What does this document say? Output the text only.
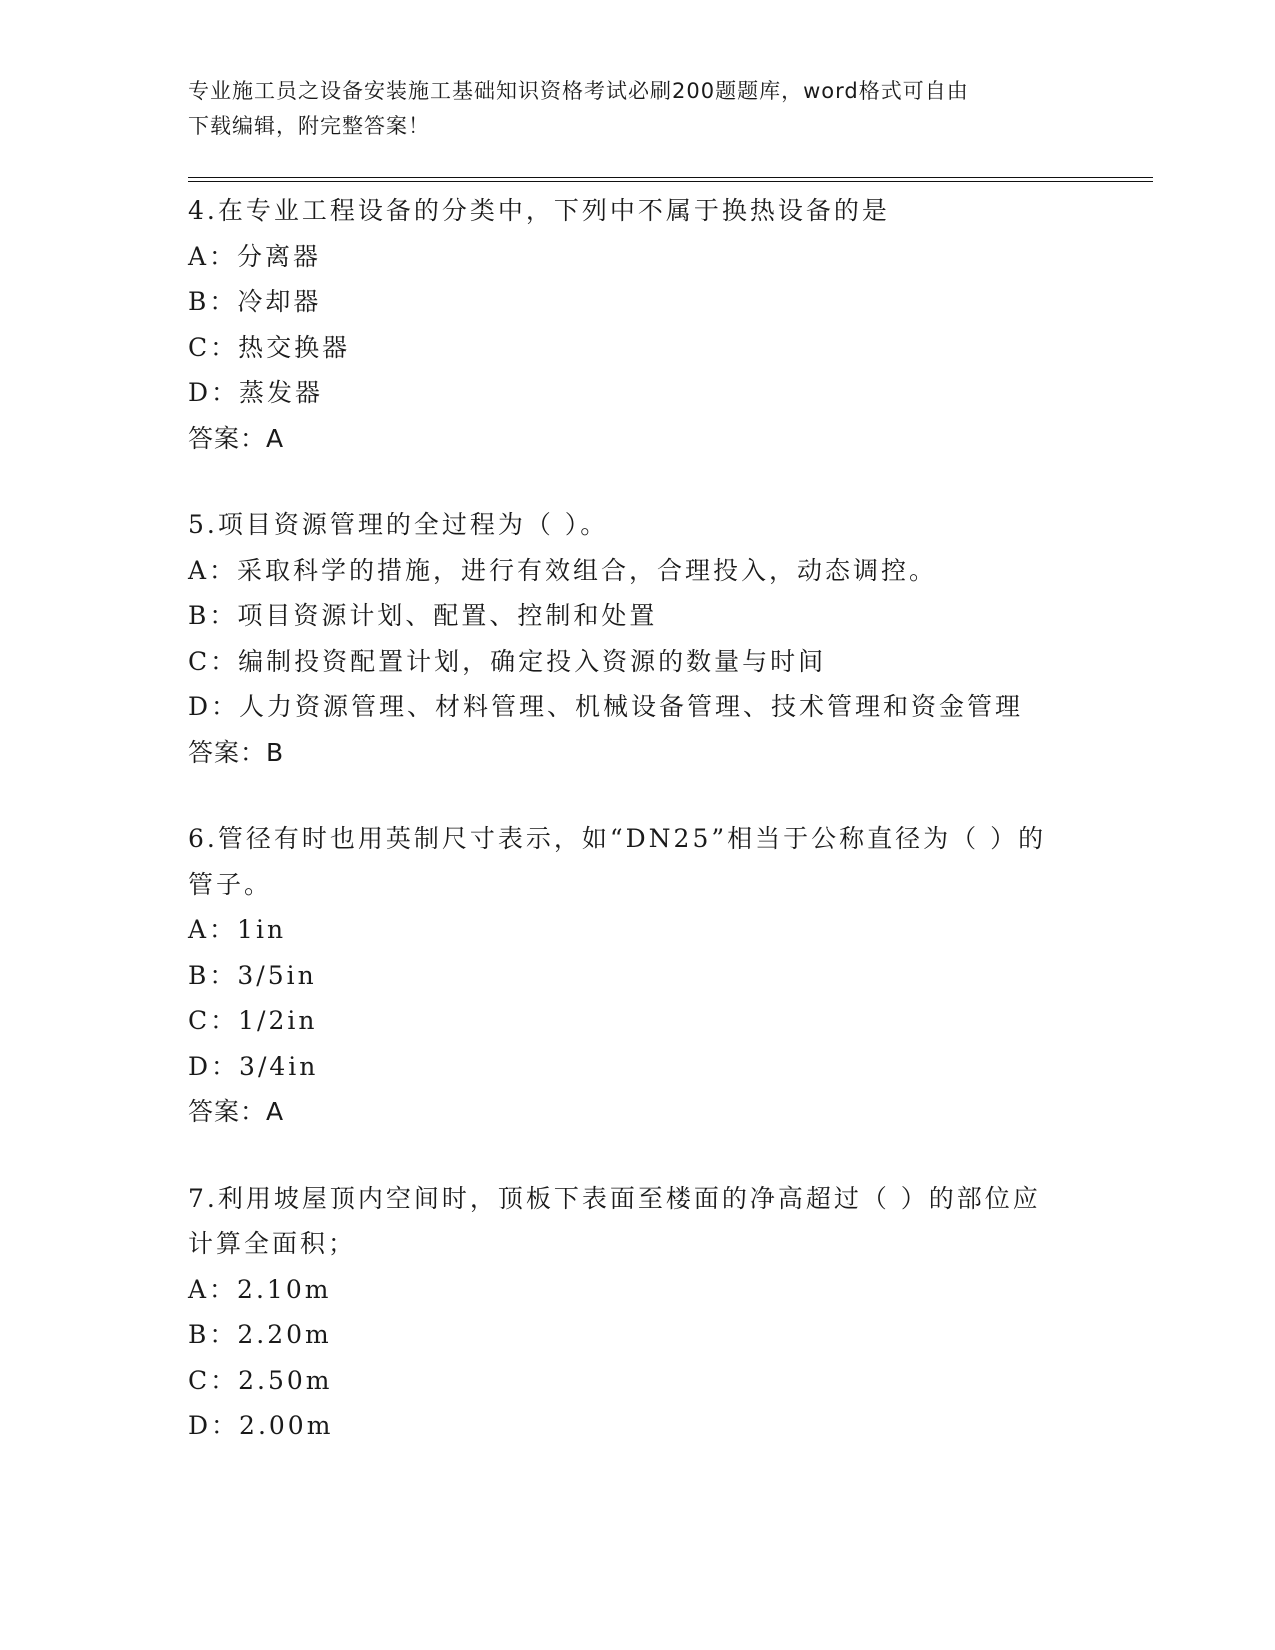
专业施工员之设备安装施工基础知识资格考试必刷200题题库，word格式可自由
下载编辑，附完整答案！
4.在专业工程设备的分类中，下列中不属于换热设备的是
A：分离器
B：冷却器
C：热交换器
D：蒸发器
答案：A
5.项目资源管理的全过程为（ ）。
A：采取科学的措施，进行有效组合，合理投入，动态调控。
B：项目资源计划、配置、控制和处置
C：编制投资配置计划，确定投入资源的数量与时间
D：人力资源管理、材料管理、机械设备管理、技术管理和资金管理
答案：B
6.管径有时也用英制尺寸表示，如“DN25”相当于公称直径为（ ）的
管子。
A：1in
B：3/5in
C：1/2in
D：3/4in
答案：A
7.利用坡屋顶内空间时，顶板下表面至楼面的净高超过（ ）的部位应
计算全面积；
A：2.10m
B：2.20m
C：2.50m
D：2.00m
